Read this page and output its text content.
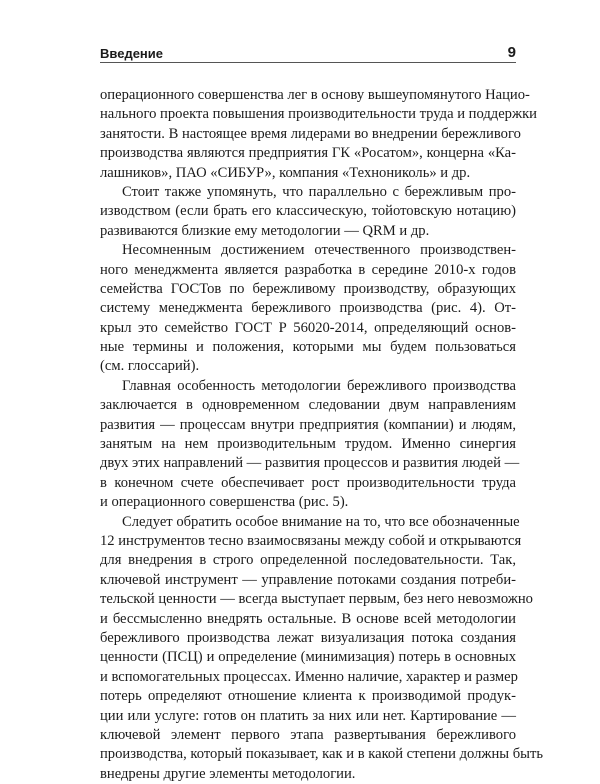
Введение	9
операционного совершенства лег в основу вышеупомянутого Нацио-
нального проекта повышения производительности труда и поддержки
занятости. В настоящее время лидерами во внедрении бережливого
производства являются предприятия ГК «Росатом», концерна «Ка-
лашников», ПАО «СИБУР», компания «Технониколь» и др.
Стоит также упомянуть, что параллельно с бережливым про-
изводством (если брать его классическую, тойотовскую нотацию)
развиваются близкие ему методологии — QRM и др.
Несомненным достижением отечественного производствен-
ного менеджмента является разработка в середине 2010-х годов
семейства ГОСТов по бережливому производству, образующих
систему менеджмента бережливого производства (рис. 4). От-
крыл это семейство ГОСТ Р 56020-2014, определяющий основ-
ные термины и положения, которыми мы будем пользоваться
(см. глоссарий).
Главная особенность методологии бережливого производства
заключается в одновременном следовании двум направлениям
развития — процессам внутри предприятия (компании) и людям,
занятым на нем производительным трудом. Именно синергия
двух этих направлений — развития процессов и развития людей —
в конечном счете обеспечивает рост производительности труда
и операционного совершенства (рис. 5).
Следует обратить особое внимание на то, что все обозначенные
12 инструментов тесно взаимосвязаны между собой и открываются
для внедрения в строго определенной последовательности. Так,
ключевой инструмент — управление потоками создания потреби-
тельской ценности — всегда выступает первым, без него невозможно
и бессмысленно внедрять остальные. В основе всей методологии
бережливого производства лежат визуализация потока создания
ценности (ПСЦ) и определение (минимизация) потерь в основных
и вспомогательных процессах. Именно наличие, характер и размер
потерь определяют отношение клиента к производимой продук-
ции или услуге: готов он платить за них или нет. Картирование —
ключевой элемент первого этапа развертывания бережливого
производства, который показывает, как и в какой степени должны быть
внедрены другие элементы методологии.
